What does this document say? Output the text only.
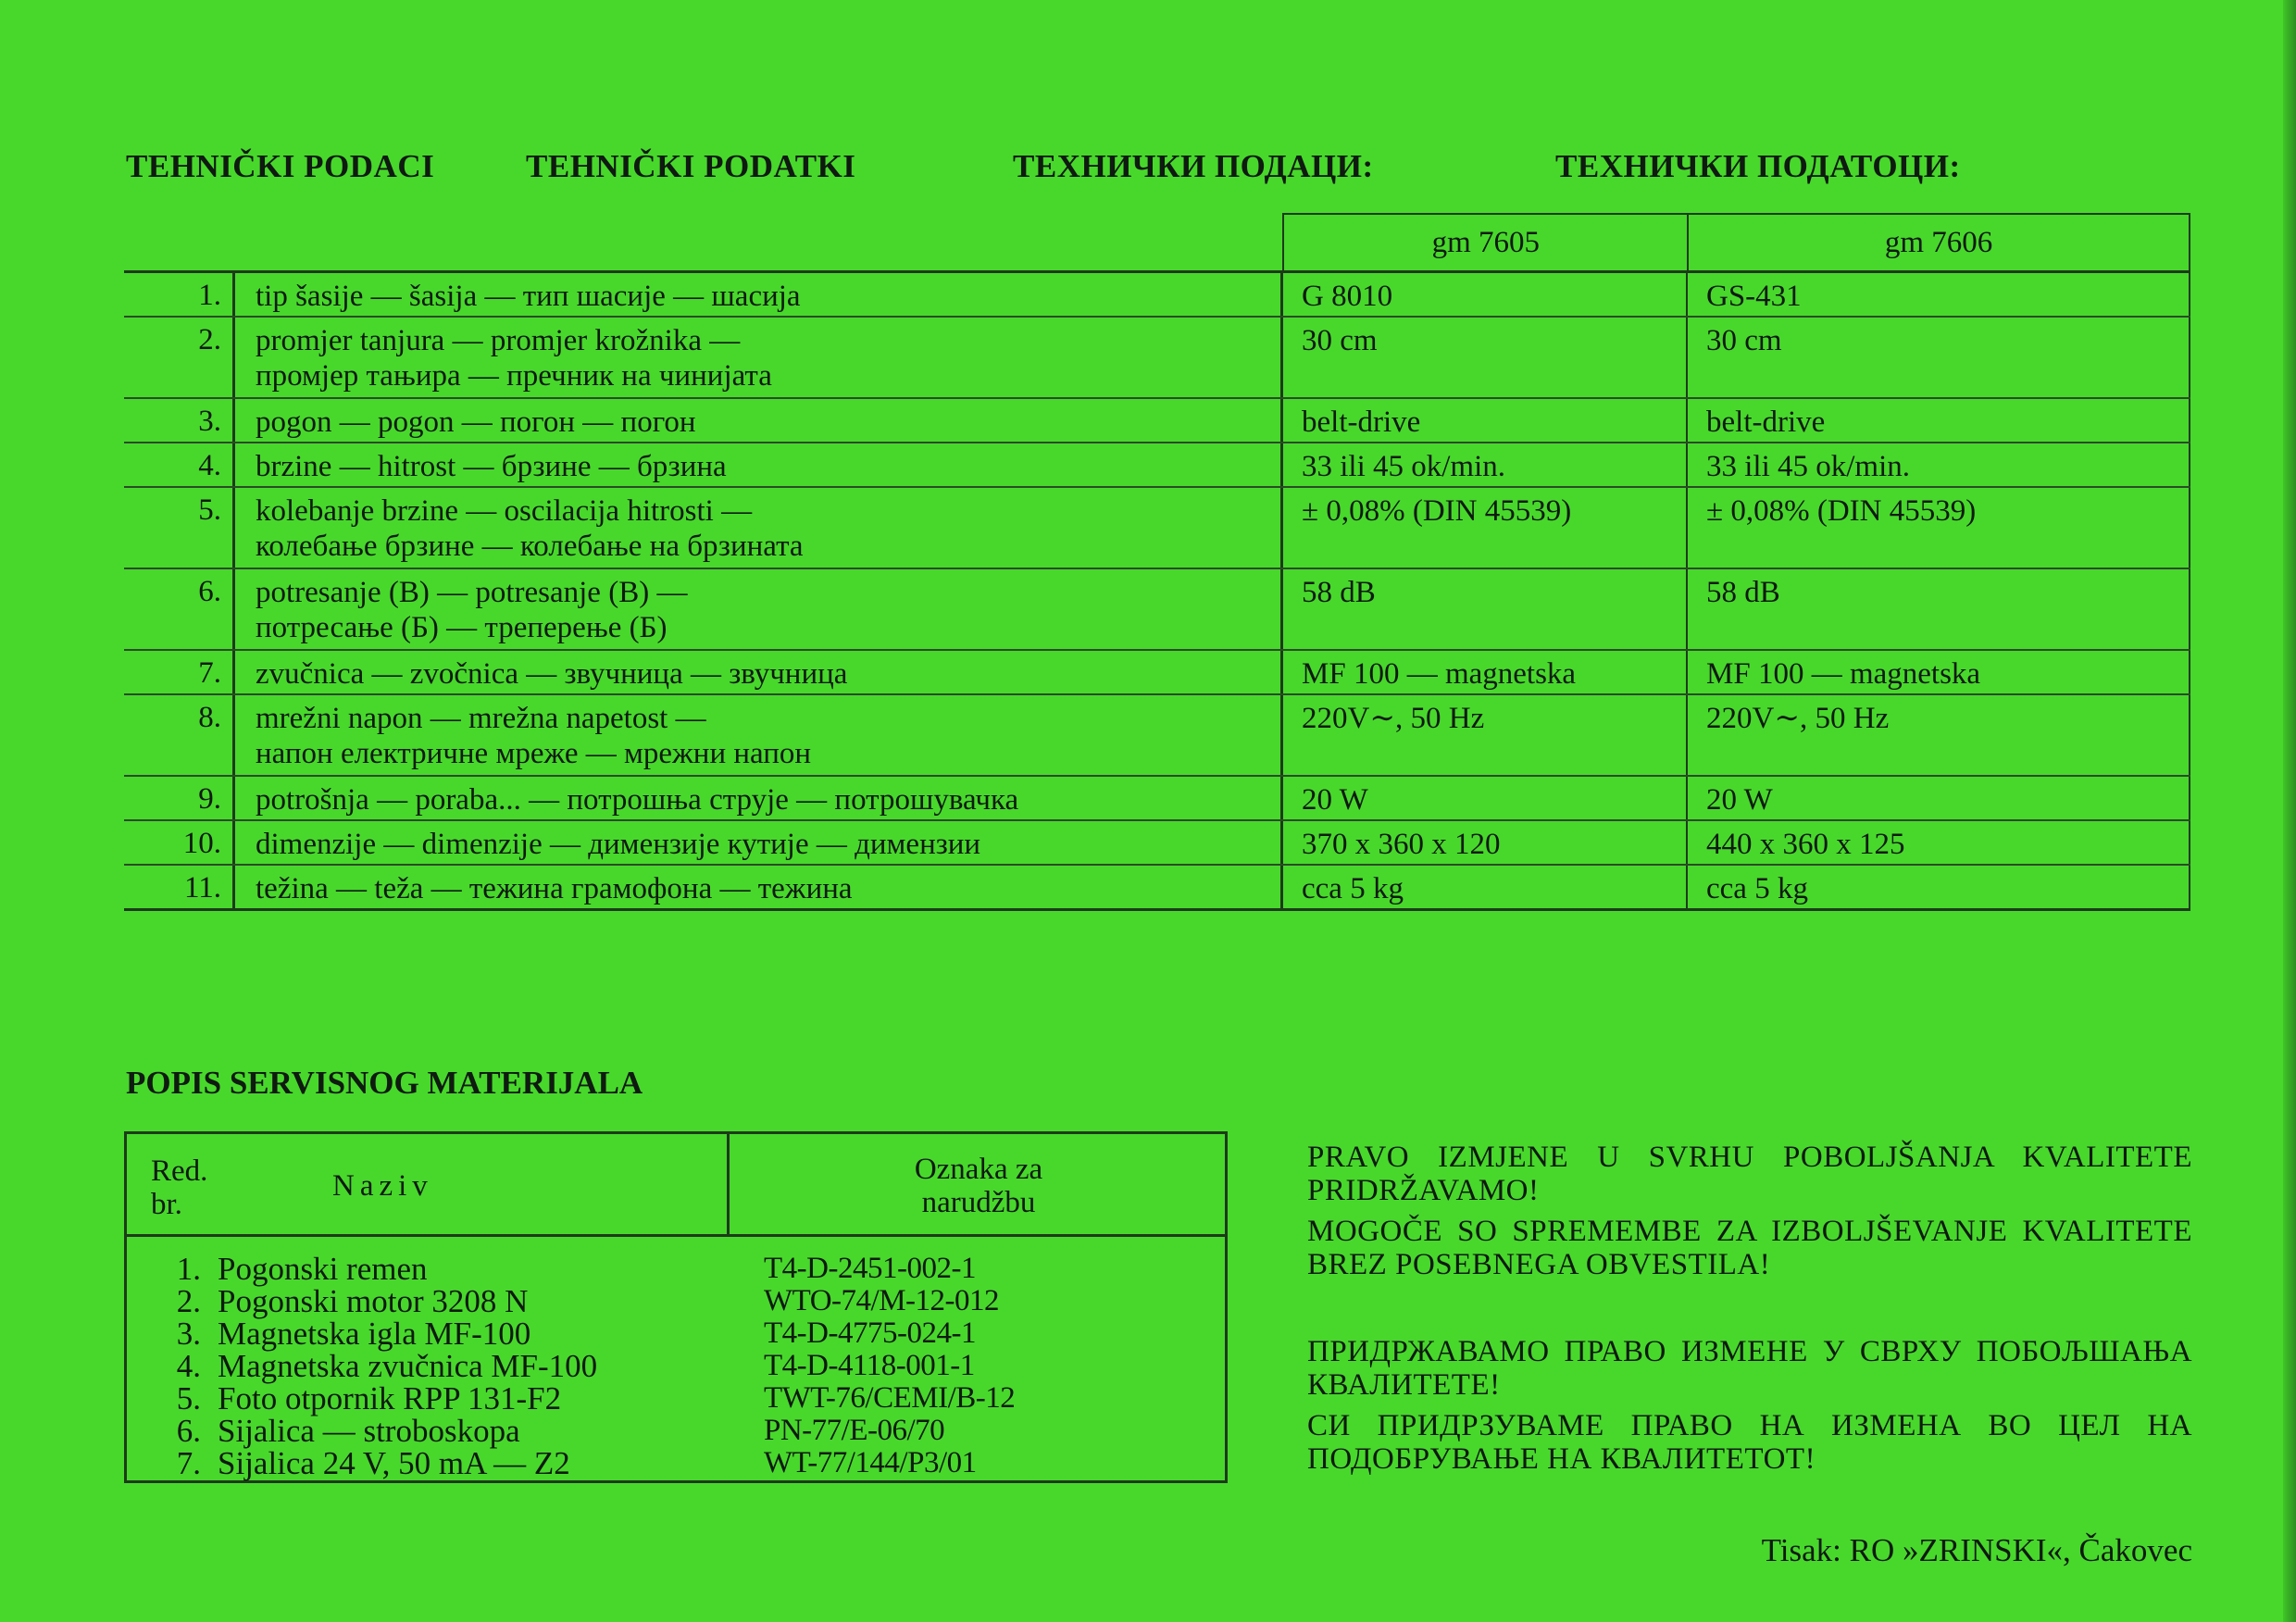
TEHNIČKI PODACI	TEHNIČKI PODATKI	ТЕХНИЧКИ ПОДАЦИ:	ТЕХНИЧКИ ПОДАТОЦИ:
gm 7605	gm 7606
1.	tip šasije — šasija — тип шасије — шасија	G 8010	GS-431
2.	promjer tanjura — promjer krožnika —
промјер тањира — пречник на чинијата
30 cm	30 cm
3.	pogon — pogon — погон — погон	belt-drive	belt-drive
4.	brzine — hitrost — брзине — брзина	33 ili 45 ok/min.	33 ili 45 ok/min.
5.	kolebanje brzine — oscilacija hitrosti —
колебање брзине — колебање на брзината
± 0,08% (DIN 45539)	± 0,08% (DIN 45539)
6.	potresanje (B) — potresanje (B) —
потресање (Б) — треперење (Б)
58 dB	58 dB
7.	zvučnica — zvočnica — звучница — звучница	MF 100 — magnetska	MF 100 — magnetska
8.	mrežni napon — mrežna napetost —
напон електричне мреже — мрежни напон
220V∼, 50 Hz	220V∼, 50 Hz
9.	potrošnja — poraba... — потрошња струје — потрошувачка	20 W	20 W
10.	dimenzije — dimenzije — димензије кутије — димензии	370 x 360 x 120	440 x 360 x 125
11.	težina — teža — тежина грамофона — тежина	cca 5 kg	cca 5 kg
POPIS SERVISNOG MATERIJALA
Red.
br.
Naziv	Oznaka za
narudžbu
1. Pogonski remen	T4-D-2451-002-1
2. Pogonski motor 3208 N	WTO-74/M-12-012
3. Magnetska igla MF-100	T4-D-4775-024-1
4. Magnetska zvučnica MF-100	T4-D-4118-001-1
5. Foto otpornik RPP 131-F2	TWT-76/CEMI/B-12
6. Sijalica — stroboskopa	PN-77/E-06/70
7. Sijalica 24 V, 50 mA — Z2	WT-77/144/P3/01

PRAVO IZMJENE U SVRHU POBOLJŠANJA KVALITETE PRIDRŽAVAMO!

MOGOČE SO SPREMEMBE ZA IZBOLJŠEVANJE KVALITETE BREZ POSEBNEGA OBVESTILA!

ПРИДРЖАВАМО ПРАВО ИЗМЕНЕ У СВРХУ ПОБОЉШАЊА КВАЛИТЕТЕ!

СИ ПРИДРЗУВАМЕ ПРАВО НА ИЗМЕНА ВО ЦЕЛ НА ПОДОБРУВАЊЕ НА КВАЛИТЕТОТ!

Tisak: RO »ZRINSKI«, Čakovec
